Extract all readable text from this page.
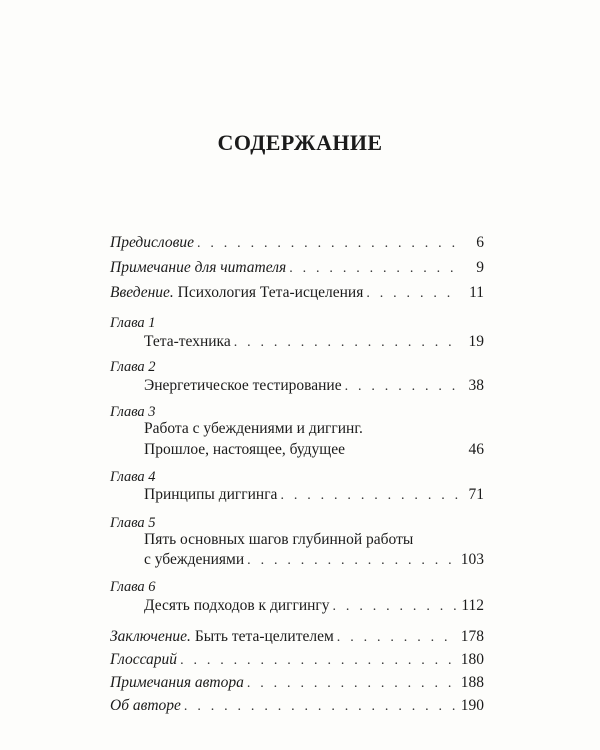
СОДЕРЖАНИЕ
Предисловие . . .	6
Примечание для читателя . . .	9
Введение. Психология Тета-исцеления . . .	11
Глава 1
Тета-техника . . .	19
Глава 2
Энергетическое тестирование . . .	38
Глава 3
Работа с убеждениями и диггинг.
Прошлое, настоящее, будущее	46
Глава 4
Принципы диггинга . . .	71
Глава 5
Пять основных шагов глубинной работы
с убеждениями . . .	103
Глава 6
Десять подходов к диггингу . . .	112
Заключение. Быть тета-целителем . . .	178
Глоссарий . . .	180
Примечания автора . . .	188
Об авторе . . .	190
